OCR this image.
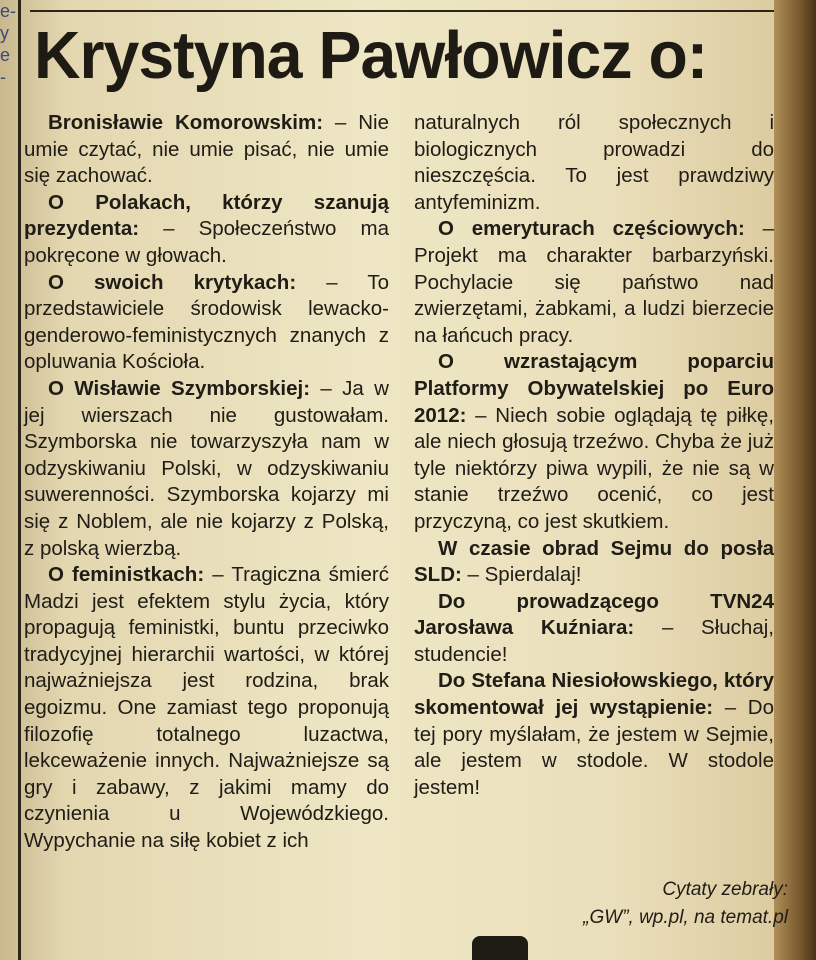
e-
y
e
- Krystyna Pawłowicz o:

Bronisławie Komorowskim: – Nie umie czytać, nie umie pisać, nie umie się zachować.

O Polakach, którzy szanują prezydenta: – Społeczeństwo ma pokręcone w głowach.

O swoich krytykach: – To przedstawiciele środowisk lewacko-genderowo-feministycznych znanych z opluwania Kościoła.

O Wisławie Szymborskiej: – Ja w jej wierszach nie gustowałam. Szymborska nie towarzyszyła nam w odzyskiwaniu Polski, w odzyskiwaniu suwerenności. Szymborska kojarzy mi się z Noblem, ale nie kojarzy z Polską, z polską wierzbą.

O feministkach: – Tragiczna śmierć Madzi jest efektem stylu życia, który propagują feministki, buntu przeciwko tradycyjnej hierarchii wartości, w której najważniejsza jest rodzina, brak egoizmu. One zamiast tego proponują filozofię totalnego luzactwa, lekceważenie innych. Najważniejsze są gry i zabawy, z jakimi mamy do czynienia u Wojewódzkiego. Wypychanie na siłę kobiet z ich

naturalnych ról społecznych i biologicznych prowadzi do nieszczęścia. To jest prawdziwy antyfeminizm.

O emeryturach częściowych: – Projekt ma charakter barbarzyński. Pochylacie się państwo nad zwierzętami, żabkami, a ludzi bierzecie na łańcuch pracy.

O wzrastającym poparciu Platformy Obywatelskiej po Euro 2012: – Niech sobie oglądają tę piłkę, ale niech głosują trzeźwo. Chyba że już tyle niektórzy piwa wypili, że nie są w stanie trzeźwo ocenić, co jest przyczyną, co jest skutkiem.

W czasie obrad Sejmu do posła SLD: – Spierdalaj!

Do prowadzącego TVN24 Jarosława Kuźniara: – Słuchaj, studencie!

Do Stefana Niesiołowskiego, który skomentował jej wystąpienie: – Do tej pory myślałam, że jestem w Sejmie, ale jestem w stodole. W stodole jestem!

Cytaty zebrały:
„GW”, wp.pl, na temat.pl
